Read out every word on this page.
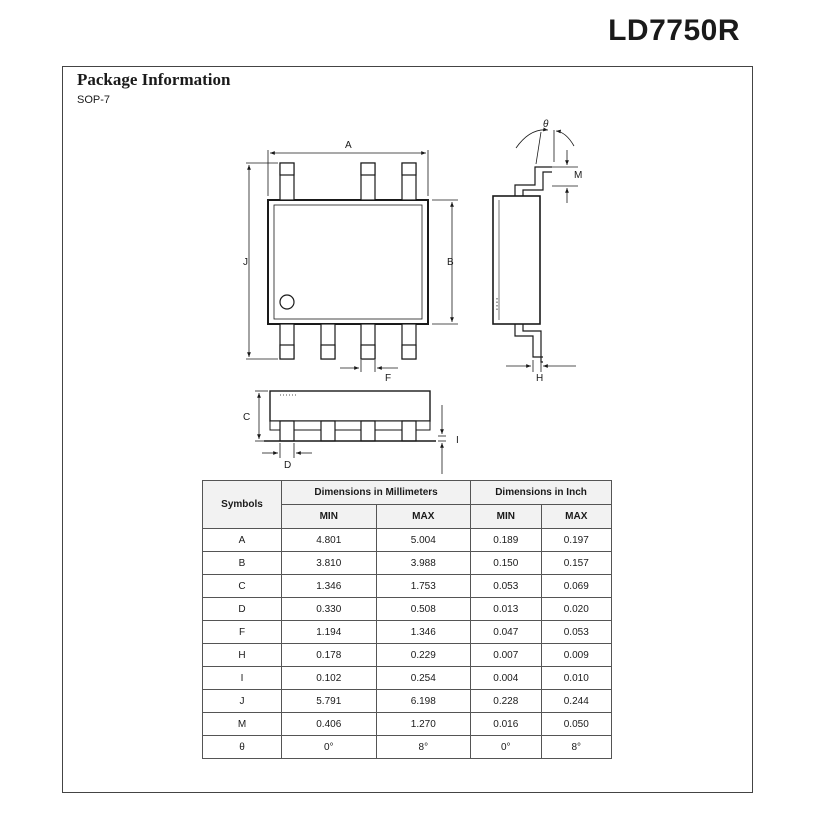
LD7750R
Package Information
SOP-7
A
J	B
F
θ
M
H
C
D
I
Symbols	Dimensions in Millimeters		Dimensions in Inch	
	MIN	MAX	MIN	MAX
A	4.801	5.004	0.189	0.197
B	3.810	3.988	0.150	0.157
C	1.346	1.753	0.053	0.069
D	0.330	0.508	0.013	0.020
F	1.194	1.346	0.047	0.053
H	0.178	0.229	0.007	0.009
I	0.102	0.254	0.004	0.010
J	5.791	6.198	0.228	0.244
M	0.406	1.270	0.016	0.050
θ	0°	8°	0°	8°
